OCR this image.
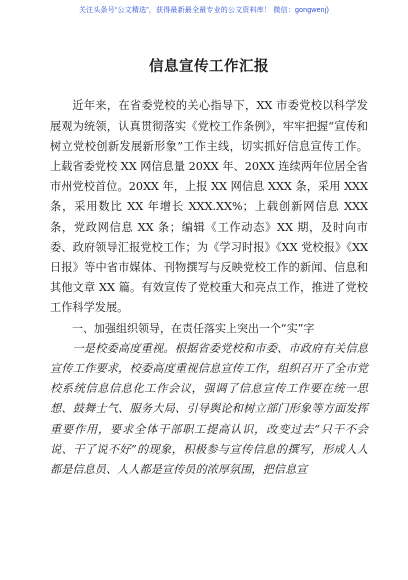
关注头条号“公文精选”，获得最新最全最专业的公文资料库！ 微信：gongwenj)
信息宣传工作汇报

近年来，在省委党校的关心指导下，XX 市委党校以科学发展观为统领，认真贯彻落实《党校工作条例》，牢牢把握“宣传和树立党校创新发展新形象”工作主线，切实抓好信息宣传工作。上载省委党校 XX 网信息量 20XX 年、20XX 连续两年位居全省市州党校首位。20XX 年，上报 XX 网信息 XXX 条，采用 XXX 条，采用数比 XX 年增长 XXX.XX%；上载创新网信息 XXX 条，党政网信息 XX 条；编辑《工作动态》XX 期，及时向市委、政府领导汇报党校工作；为《学习时报》《XX 党校报》《XX 日报》等中省市媒体、刊物撰写与反映党校工作的新闻、信息和其他文章 XX 篇。有效宣传了党校重大和亮点工作，推进了党校工作科学发展。

一、加强组织领导，在责任落实上突出一个“实”字

一是校委高度重视。根据省委党校和市委、市政府有关信息宣传工作要求，校委高度重视信息宣传工作，组织召开了全市党校系统信息信息化工作会议，强调了信息宣传工作要在统一思想、鼓舞士气、服务大局、引导舆论和树立部门形象等方面发挥重要作用，要求全体干部职工提高认识，改变过去“只干不会说、干了说不好”的现象，积极参与宣传信息的撰写，形成人人都是信息员、人人都是宣传员的浓厚氛围，把信息宣
